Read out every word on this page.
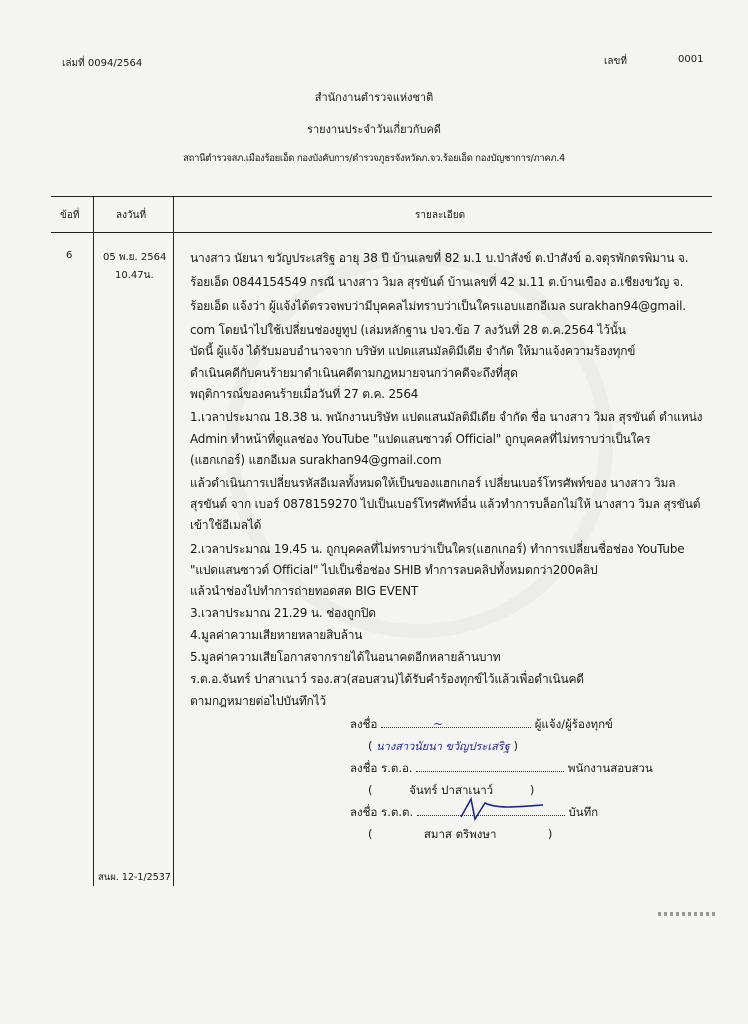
เล่มที่ 0094/2564	เลขที่	0001
สำนักงานตำรวจแห่งชาติ
รายงานประจำวันเกี่ยวกับคดี
สถานีตำรวจสภ.เมืองร้อยเอ็ด กองบังคับการ/ตำรวจภูธรจังหวัดภ.จว.ร้อยเอ็ด กองบัญชาการ/ภาคภ.4
ข้อที่	ลงวันที่	รายละเอียด
6	05 พ.ย. 2564
10.47น.
นางสาว นัยนา ขวัญประเสริฐ อายุ 38 ปี บ้านเลขที่ 82 ม.1 บ.ป่าสังข์ ต.ป่าสังข์ อ.จตุรพักตรพิมาน จ.
ร้อยเอ็ด 0844154549 กรณี นางสาว วิมล สุรขันต์ บ้านเลขที่ 42 ม.11 ต.บ้านเขือง อ.เชียงขวัญ จ.
ร้อยเอ็ด แจ้งว่า ผู้แจ้งได้ตรวจพบว่ามีบุคคลไม่ทราบว่าเป็นใครแอบแฮกอีเมล surakhan94@gmail.
com โดยนำไปใช้เปลี่ยนช่องยูทูป (เล่มหลักฐาน ปจว.ข้อ 7 ลงวันที่ 28 ต.ค.2564 ไว้นั้น
บัดนี้ ผู้แจ้ง ได้รับมอบอำนาจจาก บริษัท แปดแสนมัลติมีเดีย จำกัด ให้มาแจ้งความร้องทุกข์
ดำเนินคดีกับคนร้ายมาดำเนินคดีตามกฎหมายจนกว่าคดีจะถึงที่สุด
พฤติการณ์ของคนร้ายเมื่อวันที่ 27 ต.ค. 2564
1.เวลาประมาณ 18.38 น. พนักงานบริษัท แปดแสนมัลติมีเดีย จำกัด ชื่อ นางสาว วิมล สุรขันต์ ตำแหน่ง
Admin ทำหน้าที่ดูแลช่อง YouTube "แปดแสนซาวด์ Official" ถูกบุคคลที่ไม่ทราบว่าเป็นใคร
(แฮกเกอร์) แฮกอีเมล surakhan94@gmail.com
แล้วดำเนินการเปลี่ยนรหัสอีเมลทั้งหมดให้เป็นของแฮกเกอร์ เปลี่ยนเบอร์โทรศัพท์ของ นางสาว วิมล
สุรขันต์ จาก เบอร์ 0878159270 ไปเป็นเบอร์โทรศัพท์อื่น แล้วทำการบล็อกไม่ให้ นางสาว วิมล สุรขันต์
เข้าใช้อีเมลได้
2.เวลาประมาณ 19.45 น. ถูกบุคคลที่ไม่ทราบว่าเป็นใคร(แฮกเกอร์) ทำการเปลี่ยนชื่อช่อง YouTube
"แปดแสนซาวด์ Official" ไปเป็นชื่อช่อง SHIB ทำการลบคลิปทั้งหมดกว่า200คลิป
แล้วนำช่องไปทำการถ่ายทอดสด BIG EVENT
3.เวลาประมาณ 21.29 น. ช่องถูกปิด
4.มูลค่าความเสียหายหลายสิบล้าน
5.มูลค่าความเสียโอกาสจากรายได้ในอนาคตอีกหลายล้านบาท
ร.ต.อ.จันทร์ ปาสาเนาว์ รอง.สว(สอบสวน)ได้รับคำร้องทุกข์ไว้แล้วเพื่อดำเนินคดี
ตามกฎหมายต่อไปบันทึกไว้
ลงชื่อ	~	ผู้แจ้ง/ผู้ร้องทุกข์
( นางสาวนัยนา ขวัญประเสริฐ )
ลงชื่อ ร.ต.อ.	พนักงานสอบสวน
(	จันทร์ ปาสาเนาว์	)
ลงชื่อ ร.ต.ต.	บันทึก
(	สมาส ตริพงษา	)
สนผ. 12-1/2537
